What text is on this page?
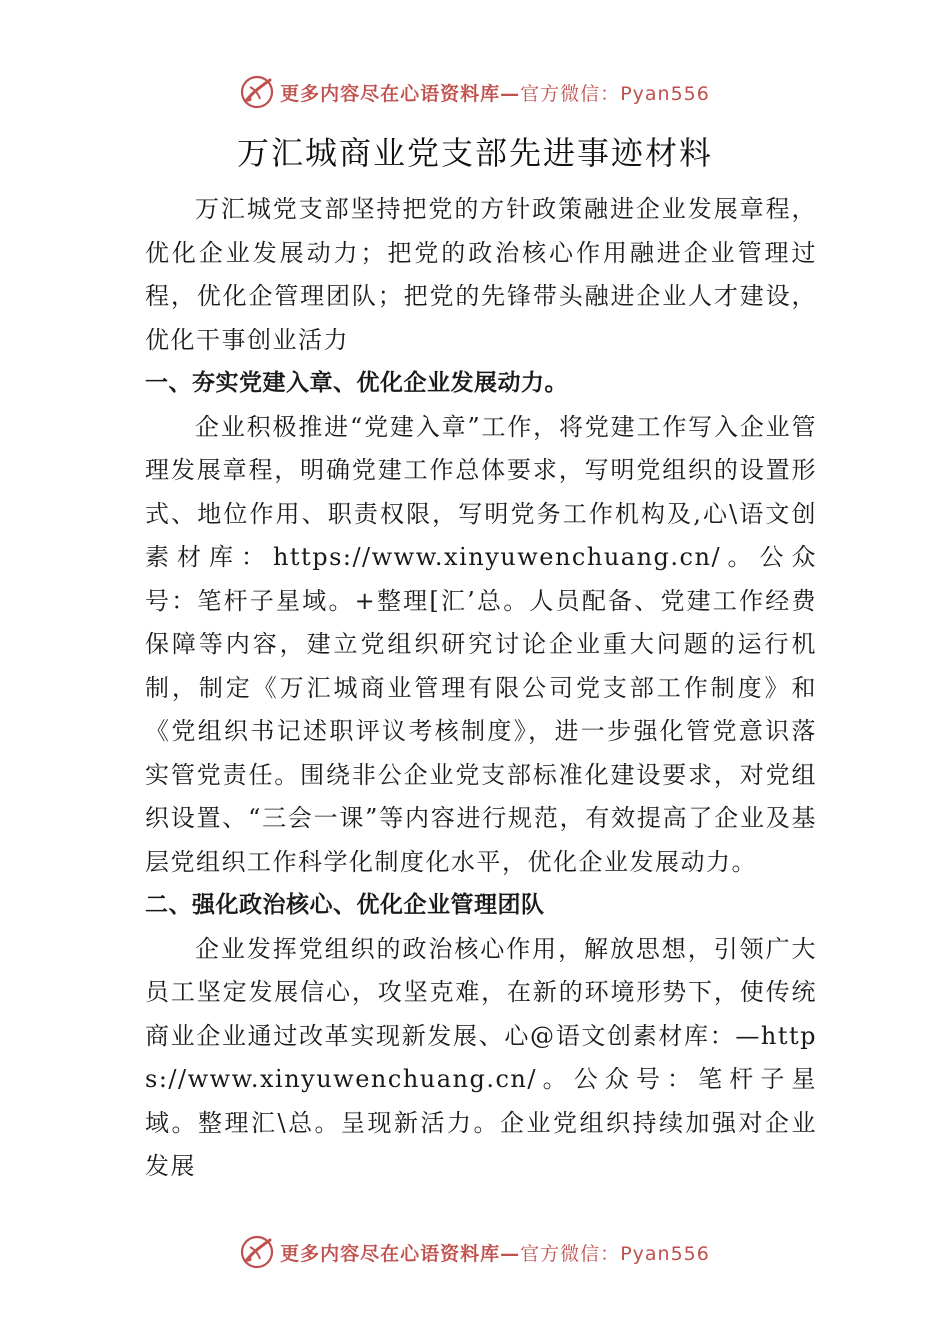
更多内容尽在心语资料库—官方微信：Pyan556
万汇城商业党支部先进事迹材料

万汇城党支部坚持把党的方针政策融进企业发展章程，优化企业发展动力；把党的政治核心作用融进企业管理过程，优化企管理团队；把党的先锋带头融进企业人才建设，优化干事创业活力

一、夯实党建入章、优化企业发展动力。

企业积极推进“党建入章”工作，将党建工作写入企业管理发展章程，明确党建工作总体要求，写明党组织的设置形式、地位作用、职责权限，写明党务工作机构及,心\语文创素材库：https://www.xinyuwenchuang.cn/。公众号：笔杆子星域。+整理[汇’总。人员配备、党建工作经费保障等内容，建立党组织研究讨论企业重大问题的运行机制，制定《万汇城商业管理有限公司党支部工作制度》和《党组织书记述职评议考核制度》，进一步强化管党意识落实管党责任。围绕非公企业党支部标准化建设要求，对党组织设置、“三会一课”等内容进行规范，有效提高了企业及基层党组织工作科学化制度化水平，优化企业发展动力。

二、强化政治核心、优化企业管理团队

企业发挥党组织的政治核心作用，解放思想，引领广大员工坚定发展信心，攻坚克难，在新的环境形势下，使传统商业企业通过改革实现新发展、心@语文创素材库：—https://www.xinyuwenchuang.cn/。公众号：笔杆子星域。整理汇\总。呈现新活力。企业党组织持续加强对企业发展

更多内容尽在心语资料库—官方微信：Pyan556
